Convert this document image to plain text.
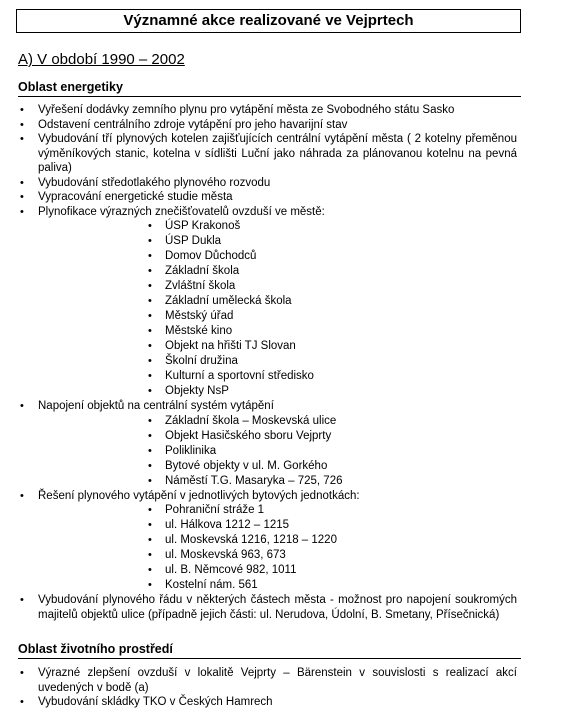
Významné akce realizované ve Vejprtech
A) V období 1990 – 2002
Oblast energetiky
• Vyřešení dodávky zemního plynu pro vytápění města ze Svobodného státu Sasko
• Odstavení centrálního zdroje vytápění pro jeho havarijní stav
• Vybudování tří plynových kotelen zajišťujících centrální vytápění města ( 2 kotelny přeměnou výměníkových stanic, kotelna v sídlišti Luční jako náhrada za plánovanou kotelnu na pevná paliva)
• Vybudování středotlakého plynového rozvodu
• Vypracování energetické studie města
• Plynofikace výrazných znečišťovatelů ovzduší ve městě:
• ÚSP Krakonoš
• ÚSP Dukla
• Domov Důchodců
• Základní škola
• Zvláštní škola
• Základní umělecká škola
• Městský úřad
• Městské kino
• Objekt na hřišti TJ Slovan
• Školní družina
• Kulturní a sportovní středisko
• Objekty NsP
• Napojení objektů na centrální systém vytápění
• Základní škola – Moskevská ulice
• Objekt Hasičského sboru Vejprty
• Poliklinika
• Bytové objekty v ul. M. Gorkého
• Náměstí T.G. Masaryka – 725, 726
• Řešení plynového vytápění v jednotlivých bytových jednotkách:
• Pohraniční stráže 1
• ul. Hálkova 1212 – 1215
• ul. Moskevská 1216, 1218 – 1220
• ul. Moskevská 963, 673
• ul. B. Němcové 982, 1011
• Kostelní nám. 561
• Vybudování plynového řádu v některých částech města - možnost pro napojení soukromých majitelů objektů ulice (případně jejich části: ul. Nerudova, Údolní, B. Smetany, Přísečnická)
Oblast životního prostředí
• Výrazné zlepšení ovzduší v lokalitě Vejprty – Bärenstein v souvislosti s realizací akcí uvedených v bodě (a)
• Vybudování skládky TKO v Českých Hamrech
